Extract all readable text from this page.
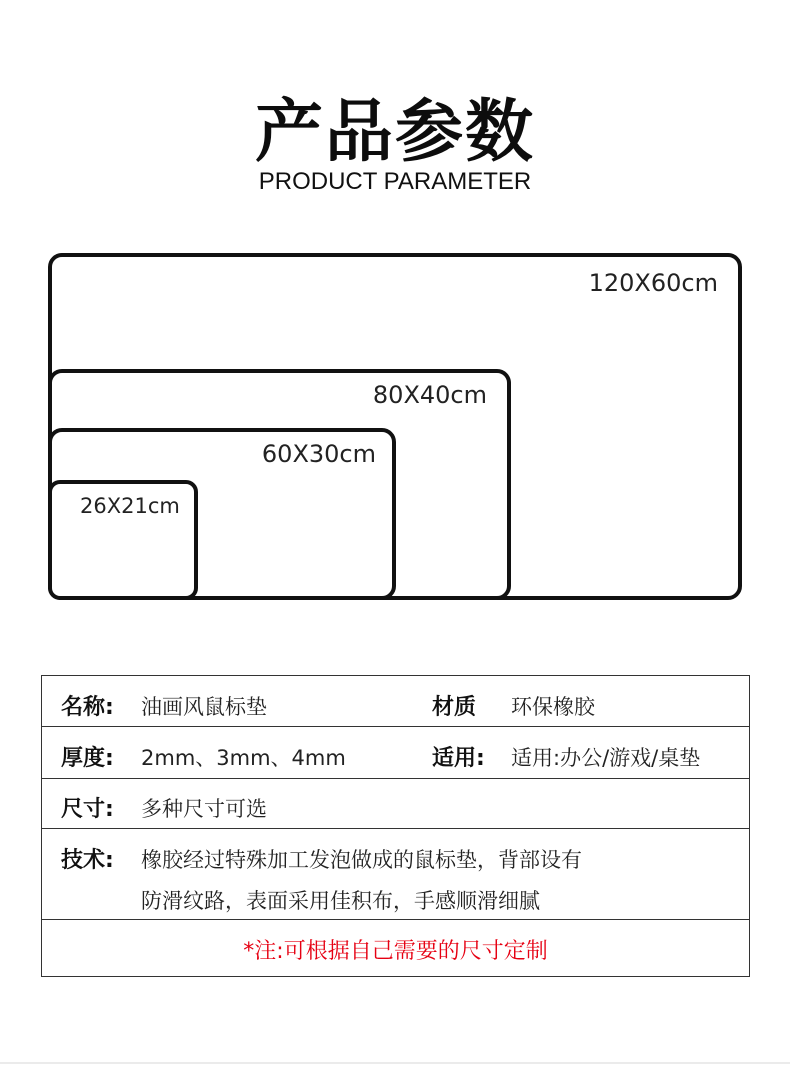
产品参数
PRODUCT PARAMETER
120X60cm
80X40cm
60X30cm
26X21cm
名称: 油画风鼠标垫	材质 环保橡胶
厚度: 2mm、3mm、4mm	适用: 适用:办公/游戏/桌垫
尺寸: 多种尺寸可选
技术: 橡胶经过特殊加工发泡做成的鼠标垫，背部设有
防滑纹路，表面采用佳积布，手感顺滑细腻
*注:可根据自己需要的尺寸定制
